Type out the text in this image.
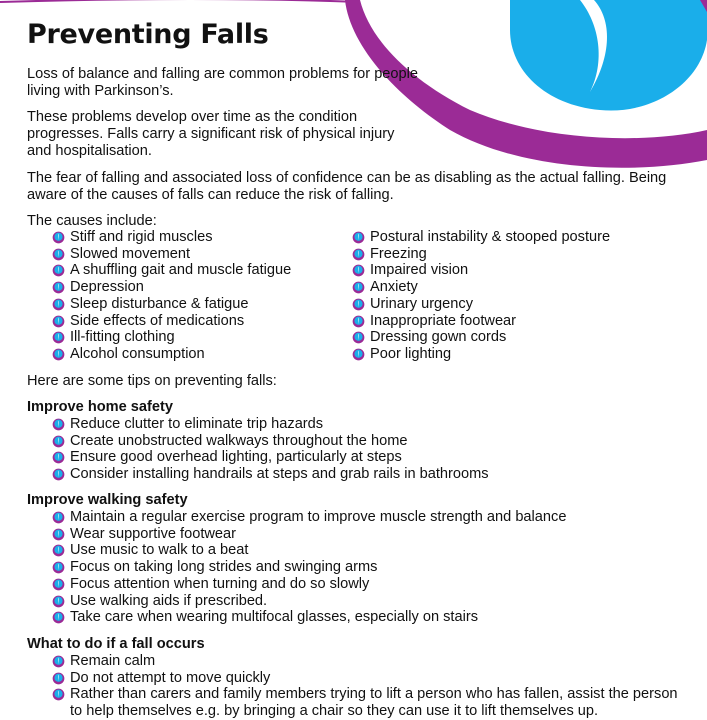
Preventing Falls

Loss of balance and falling are common problems for people living with Parkinson’s.

These problems develop over time as the condition progresses. Falls carry a significant risk of physical injury and hospitalisation.

The fear of falling and associated loss of confidence can be as disabling as the actual falling. Being aware of the causes of falls can reduce the risk of falling.

The causes include:

Stiff and rigid muscles
Slowed movement
A shuffling gait and muscle fatigue
Depression
Sleep disturbance & fatigue
Side effects of medications
Ill-fitting clothing
Alcohol consumption
Postural instability & stooped posture
Freezing
Impaired vision
Anxiety
Urinary urgency
Inappropriate footwear
Dressing gown cords
Poor lighting

Here are some tips on preventing falls:

Improve home safety
Reduce clutter to eliminate trip hazards
Create unobstructed walkways throughout the home
Ensure good overhead lighting, particularly at steps
Consider installing handrails at steps and grab rails in bathrooms
Improve walking safety
Maintain a regular exercise program to improve muscle strength and balance
Wear supportive footwear
Use music to walk to a beat
Focus on taking long strides and swinging arms
Focus attention when turning and do so slowly
Use walking aids if prescribed.
Take care when wearing multifocal glasses, especially on stairs
What to do if a fall occurs
Remain calm
Do not attempt to move quickly
Rather than carers and family members trying to lift a person who has fallen, assist the person to help themselves e.g. by bringing a chair so they can use it to lift themselves up.
